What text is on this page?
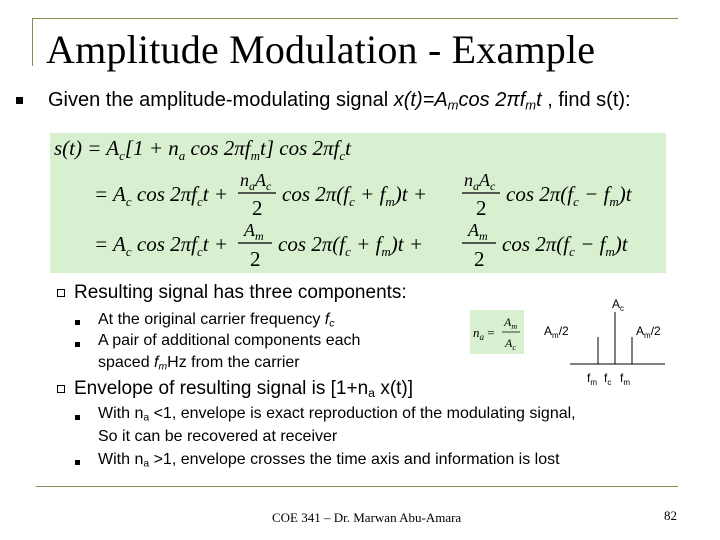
Amplitude Modulation - Example
Given the amplitude-modulating signal $x(t)=A_m\cos$ $2\pi f_mt$ , find s(t):
$s(t) = A_c[1 + n_a$ $\cos 2\pi f_mt$] $\cos 2\pi f_ct$
= $A_c$ $\cos 2\pi f_ct$ +
$n_aA_c$
2
$\cos 2\pi(f_c + f_m)t$ +
$n_aA_c$
2
$\cos 2\pi(f_c - f_m)t$
= $A_c$ $\cos 2\pi f_ct$ +
$A_m$
2
$\cos 2\pi(f_c + f_m)t$ +
$A_m$
2
$\cos 2\pi(f_c - f_m)t$
Resulting signal has three components:
At the original carrier frequency $f_c$
A pair of additional components each
spaced $f_mHz$ from the carrier
Envelope of resulting signal is [$1+n_a$ x(t)]
With $n_a <1$, envelope is exact reproduction of the modulating signal,
So it can be recovered at receiver
With $n_a >1$, envelope crosses the time axis and information is lost
$n_a$ =
$A_m$
$A_c$
$A_c$
$A_m/2$	$A_m/2$
$f_m$ $f_c$ $f_m$
COE 341 – Dr. Marwan Abu-Amara	82
